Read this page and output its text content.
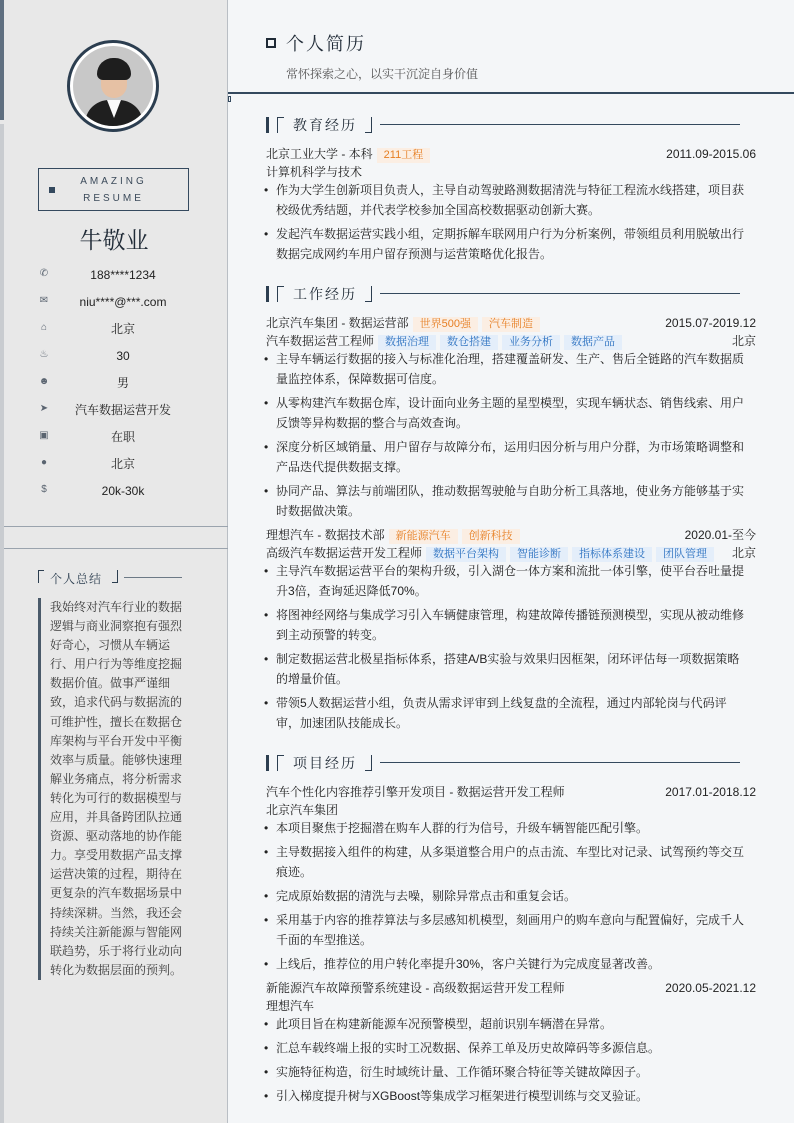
AMAZING
RESUME
牛敬业
✆	188****1234
✉	niu****@***.com
⌂	北京
♨	30
☻	男
➤	汽车数据运营开发
▣	在职
●	北京
$	20k-30k
个人总结
我始终对汽车行业的数据逻辑与商业洞察抱有强烈好奇心，习惯从车辆运行、用户行为等维度挖掘数据价值。做事严谨细致，追求代码与数据流的可维护性，擅长在数据仓库架构与平台开发中平衡效率与质量。能够快速理解业务痛点，将分析需求转化为可行的数据模型与应用，并具备跨团队拉通资源、驱动落地的协作能力。享受用数据产品支撑运营决策的过程，期待在更复杂的汽车数据场景中持续深耕。当然，我还会持续关注新能源与智能网联趋势，乐于将行业动向转化为数据层面的预判。
个人简历
常怀探索之心，以实干沉淀自身价值
教育经历
北京工业大学 - 本科 211工程	2011.09-2015.06
计算机科学与技术
• 作为大学生创新项目负责人，主导自动驾驶路测数据清洗与特征工程流水线搭建，项目获校级优秀结题，并代表学校参加全国高校数据驱动创新大赛。
• 发起汽车数据运营实践小组，定期拆解车联网用户行为分析案例，带领组员利用脱敏出行数据完成网约车用户留存预测与运营策略优化报告。
工作经历
北京汽车集团 - 数据运营部 世界500强 汽车制造	2015.07-2019.12
汽车数据运营工程师 数据治理 数仓搭建 业务分析 数据产品	北京
• 主导车辆运行数据的接入与标准化治理，搭建覆盖研发、生产、售后全链路的汽车数据质量监控体系，保障数据可信度。
• 从零构建汽车数据仓库，设计面向业务主题的星型模型，实现车辆状态、销售线索、用户反馈等异构数据的整合与高效查询。
• 深度分析区域销量、用户留存与故障分布，运用归因分析与用户分群，为市场策略调整和产品迭代提供数据支撑。
• 协同产品、算法与前端团队，推动数据驾驶舱与自助分析工具落地，使业务方能够基于实时数据做决策。
理想汽车 - 数据技术部 新能源汽车 创新科技	2020.01-至今
高级汽车数据运营开发工程师 数据平台架构 智能诊断 指标体系建设 团队管理 北京
• 主导汽车数据运营平台的架构升级，引入湖仓一体方案和流批一体引擎，使平台吞吐量提升3倍，查询延迟降低70%。
• 将图神经网络与集成学习引入车辆健康管理，构建故障传播链预测模型，实现从被动维修到主动预警的转变。
• 制定数据运营北极星指标体系，搭建A/B实验与效果归因框架，闭环评估每一项数据策略的增量价值。
• 带领5人数据运营小组，负责从需求评审到上线复盘的全流程，通过内部轮岗与代码评审，加速团队技能成长。
项目经历
汽车个性化内容推荐引擎开发项目 - 数据运营开发工程师	2017.01-2018.12
北京汽车集团
• 本项目聚焦于挖掘潜在购车人群的行为信号，升级车辆智能匹配引擎。
• 主导数据接入组件的构建，从多渠道整合用户的点击流、车型比对记录、试驾预约等交互痕迹。
• 完成原始数据的清洗与去噪，剔除异常点击和重复会话。
• 采用基于内容的推荐算法与多层感知机模型，刻画用户的购车意向与配置偏好，完成千人千面的车型推送。
• 上线后，推荐位的用户转化率提升30%，客户关键行为完成度显著改善。
新能源汽车故障预警系统建设 - 高级数据运营开发工程师	2020.05-2021.12
理想汽车
• 此项目旨在构建新能源车况预警模型，超前识别车辆潜在异常。
• 汇总车载终端上报的实时工况数据、保养工单及历史故障码等多源信息。
• 实施特征构造，衍生时域统计量、工作循环聚合特征等关键故障因子。
• 引入梯度提升树与XGBoost等集成学习框架进行模型训练与交叉验证。
